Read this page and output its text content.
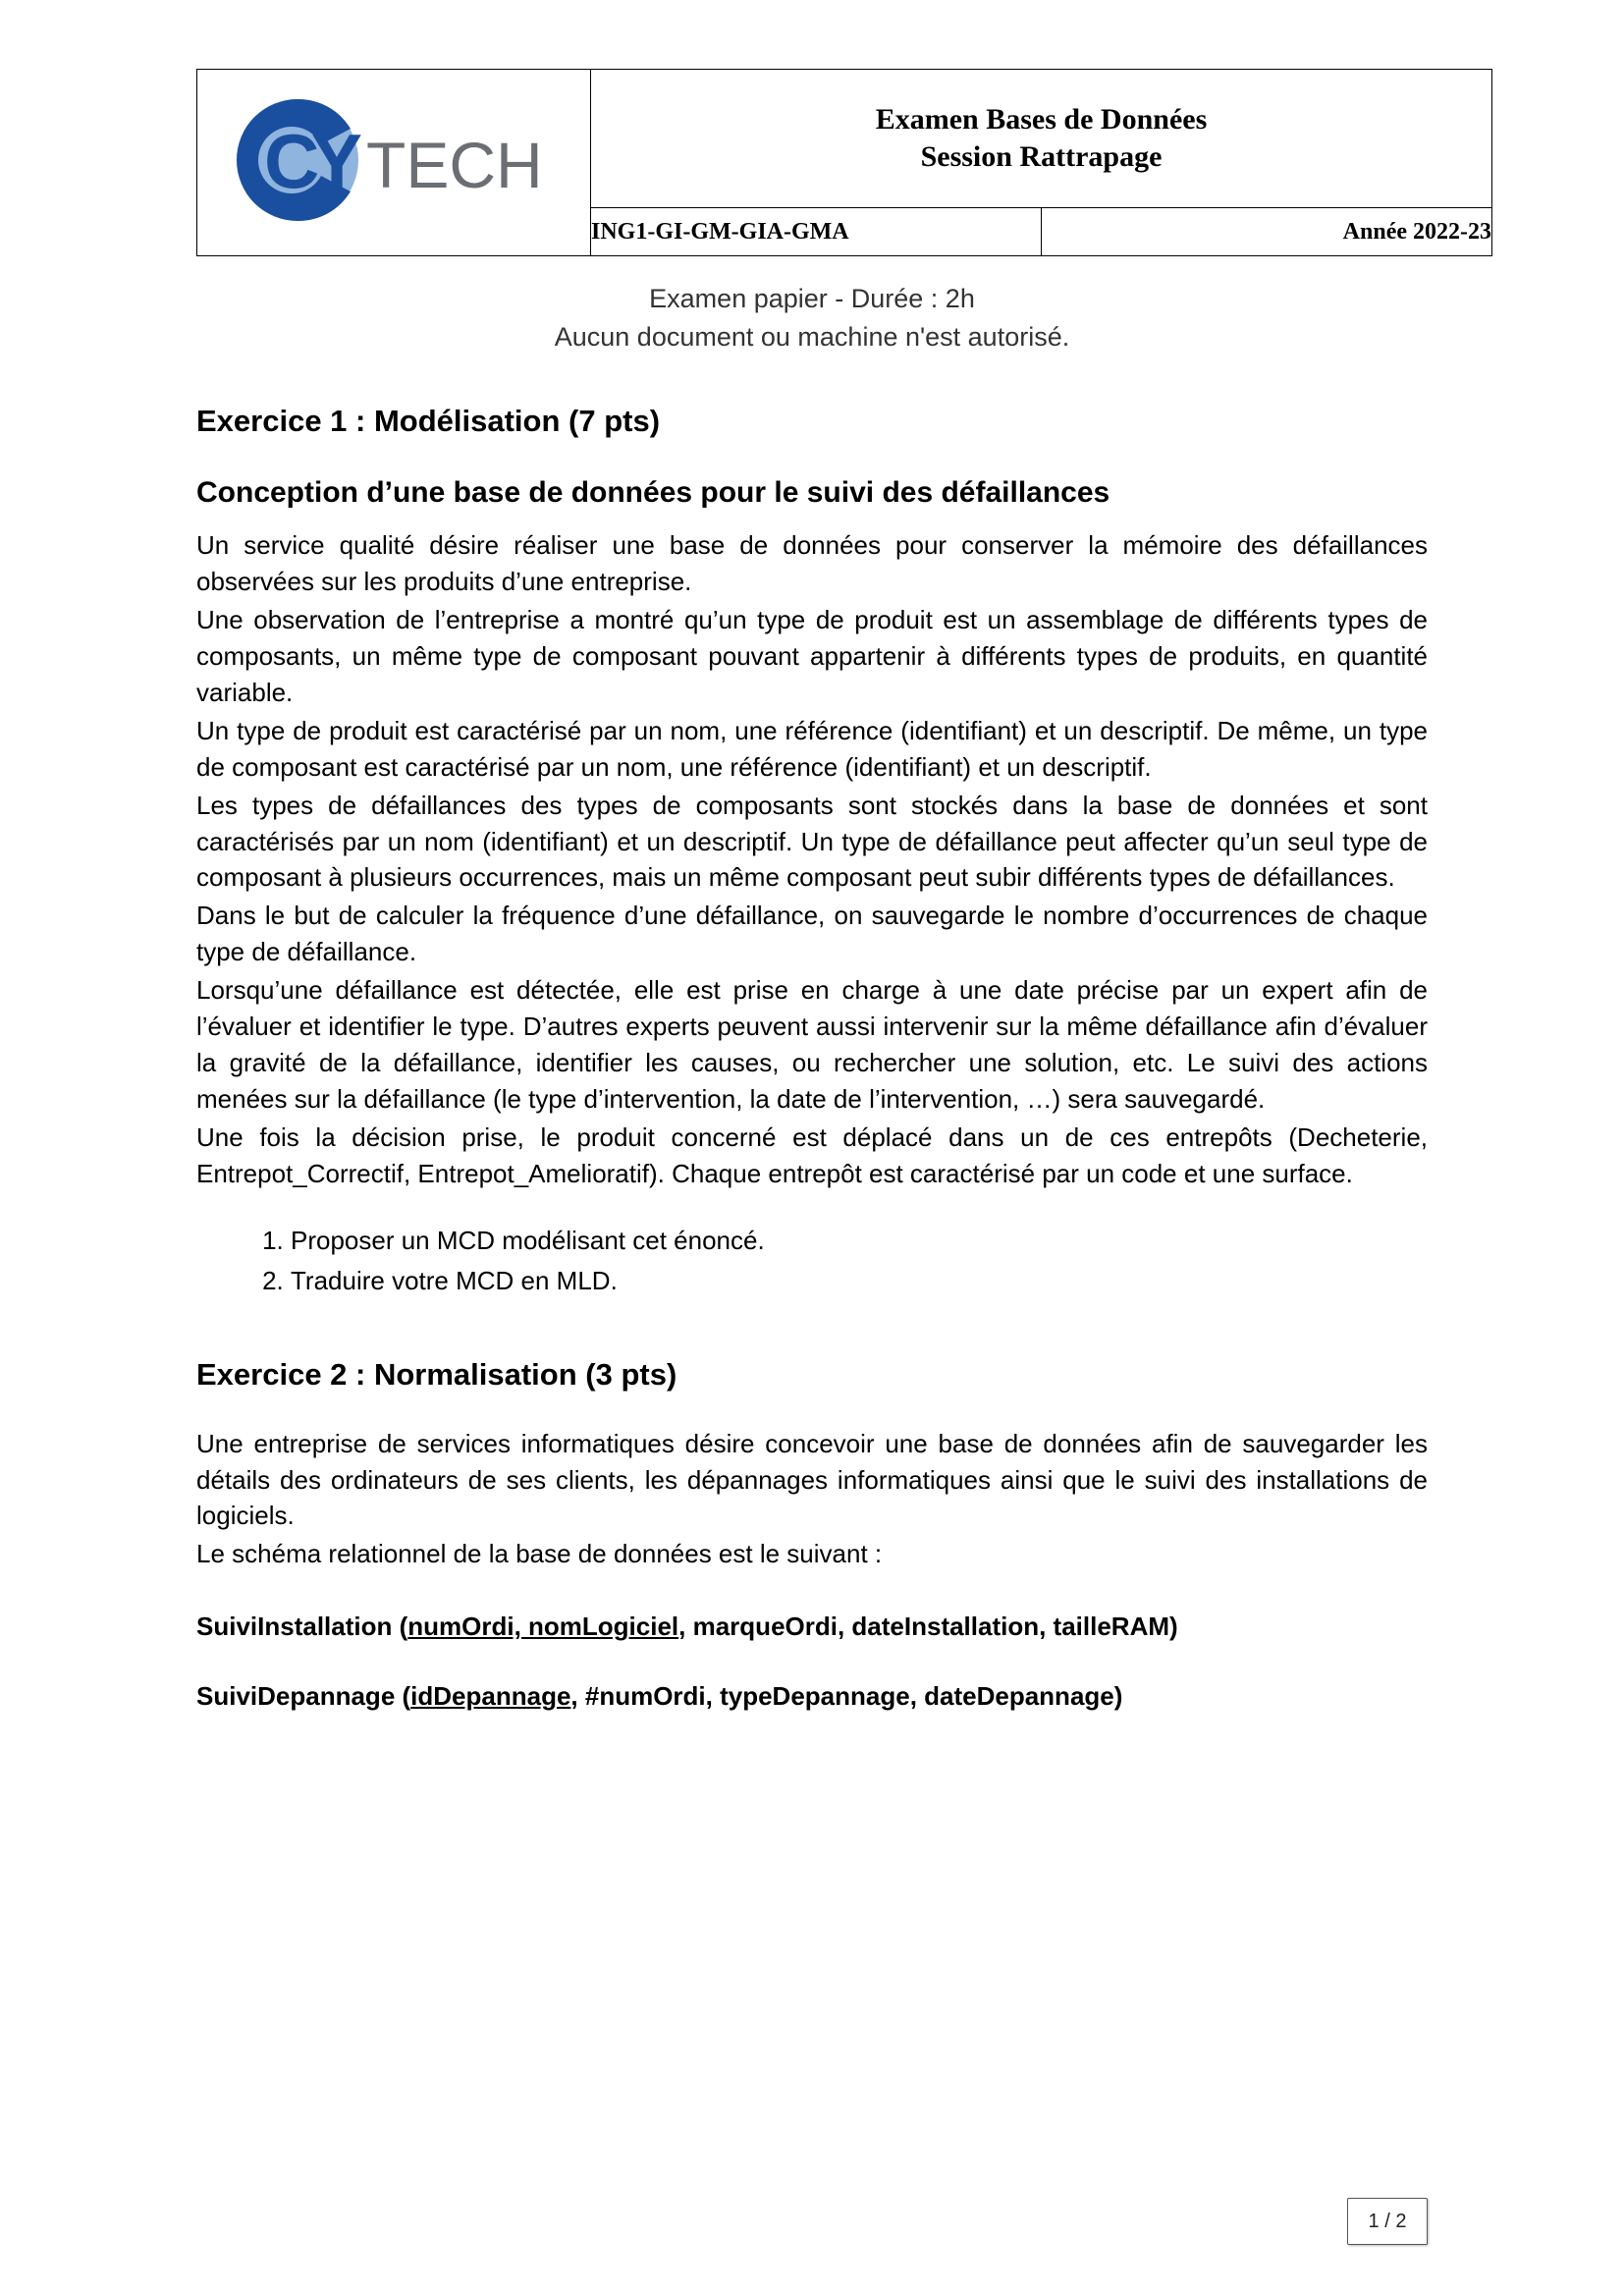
C
Y TECH

Examen Bases de Données
Session Rattrapage

	ING1-GI-GM-GIA-GMA	Année 2022-23
Examen papier - Durée : 2h
Aucun document ou machine n'est autorisé.
Exercice 1 : Modélisation (7 pts)
Conception d’une base de données pour le suivi des défaillances

Un service qualité désire réaliser une base de données pour conserver la mémoire des défaillances observées sur les produits d’une entreprise.

Une observation de l’entreprise a montré qu’un type de produit est un assemblage de différents types de composants, un même type de composant pouvant appartenir à différents types de produits, en quantité variable.

Un type de produit est caractérisé par un nom, une référence (identifiant) et un descriptif. De même, un type de composant est caractérisé par un nom, une référence (identifiant) et un descriptif.

Les types de défaillances des types de composants sont stockés dans la base de données et sont caractérisés par un nom (identifiant) et un descriptif. Un type de défaillance peut affecter qu’un seul type de composant à plusieurs occurrences, mais un même composant peut subir différents types de défaillances.

Dans le but de calculer la fréquence d’une défaillance, on sauvegarde le nombre d’occurrences de chaque type de défaillance.

Lorsqu’une défaillance est détectée, elle est prise en charge à une date précise par un expert afin de l’évaluer et identifier le type. D’autres experts peuvent aussi intervenir sur la même défaillance afin d’évaluer la gravité de la défaillance, identifier les causes, ou rechercher une solution, etc. Le suivi des actions menées sur la défaillance (le type d’intervention, la date de l’intervention, …) sera sauvegardé.

Une fois la décision prise, le produit concerné est déplacé dans un de ces entrepôts (Decheterie, Entrepot_Correctif, Entrepot_Amelioratif). Chaque entrepôt est caractérisé par un code et une surface.

1. Proposer un MCD modélisant cet énoncé.
2. Traduire votre MCD en MLD.
Exercice 2 : Normalisation (3 pts)

Une entreprise de services informatiques désire concevoir une base de données afin de sauvegarder les détails des ordinateurs de ses clients, les dépannages informatiques ainsi que le suivi des installations de logiciels.

Le schéma relationnel de la base de données est le suivant :

SuiviInstallation (numOrdi, nomLogiciel, marqueOrdi, dateInstallation, tailleRAM)

SuiviDepannage (idDepannage, #numOrdi, typeDepannage, dateDepannage)

1 / 2
